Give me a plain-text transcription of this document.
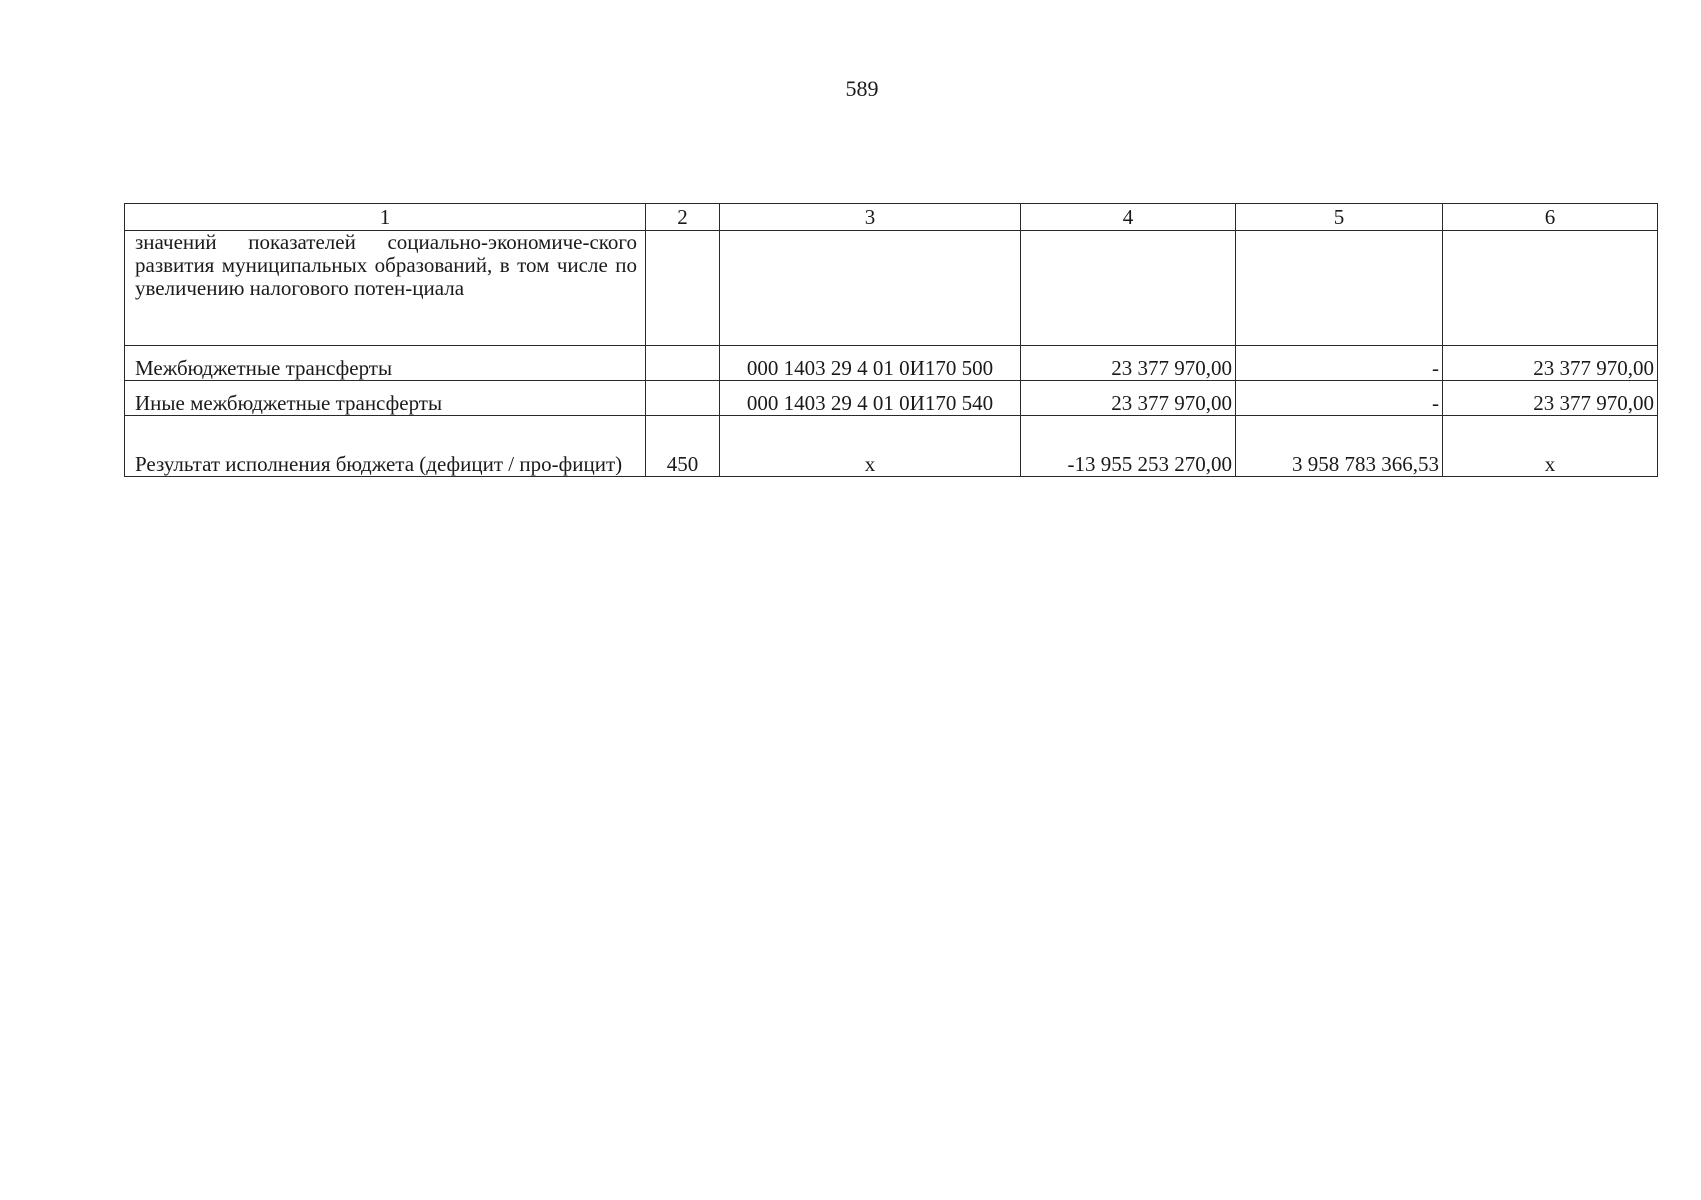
589
1	2	3	4	5	6
значений показателей социально-экономиче-ского развития муниципальных образований, в том числе по увеличению налогового потен-циала					
Межбюджетные трансферты		000 1403 29 4 01 0И170 500	23 377 970,00	-	23 377 970,00
Иные межбюджетные трансферты		000 1403 29 4 01 0И170 540	23 377 970,00	-	23 377 970,00
Результат исполнения бюджета (дефицит / про-фицит)	450	x	-13 955 253 270,00	3 958 783 366,53	x
